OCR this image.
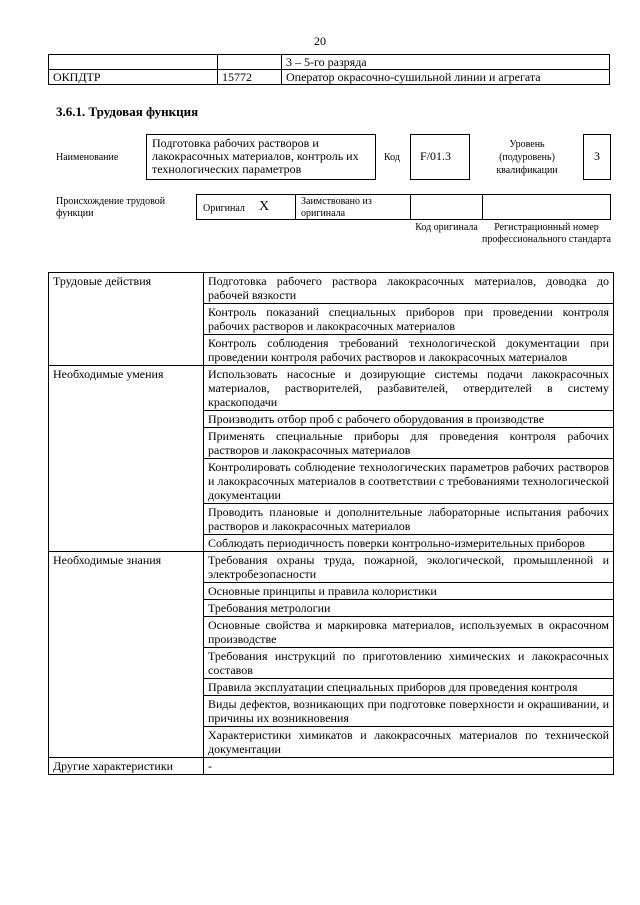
20
		3 – 5-го разряда
ОКПДТР	15772	Оператор окрасочно-сушильной линии и агрегата
3.6.1. Трудовая функция
Наименование
Подготовка рабочих растворов и лакокрасочных материалов, контроль их технологических параметров
Код	F/01.3
Уровень (подуровень) квалификации
3
Происхождение трудовой функции	Оригинал X	Заимствовано из оригинала
Код оригинала	Регистрационный номер профессионального стандарта
Трудовые действия	Подготовка рабочего раствора лакокрасочных материалов, доводка до рабочей вязкости
	Контроль показаний специальных приборов при проведении контроля рабочих растворов и лакокрасочных материалов
	Контроль соблюдения требований технологической документации при проведении контроля рабочих растворов и лакокрасочных материалов
Необходимые умения	Использовать насосные и дозирующие системы подачи лакокрасочных материалов, растворителей, разбавителей, отвердителей в систему краскоподачи
	Производить отбор проб с рабочего оборудования в производстве
	Применять специальные приборы для проведения контроля рабочих растворов и лакокрасочных материалов
	Контролировать соблюдение технологических параметров рабочих растворов и лакокрасочных материалов в соответствии с требованиями технологической документации
	Проводить плановые и дополнительные лабораторные испытания рабочих растворов и лакокрасочных материалов
	Соблюдать периодичность поверки контрольно-измерительных приборов
Необходимые знания	Требования охраны труда, пожарной, экологической, промышленной и электробезопасности
	Основные принципы и правила колористики
	Требования метрологии
	Основные свойства и маркировка материалов, используемых в окрасочном производстве
	Требования инструкций по приготовлению химических и лакокрасочных составов
	Правила эксплуатации специальных приборов для проведения контроля
	Виды дефектов, возникающих при подготовке поверхности и окрашивании, и причины их возникновения
	Характеристики химикатов и лакокрасочных материалов по технической документации
Другие характеристики	-
